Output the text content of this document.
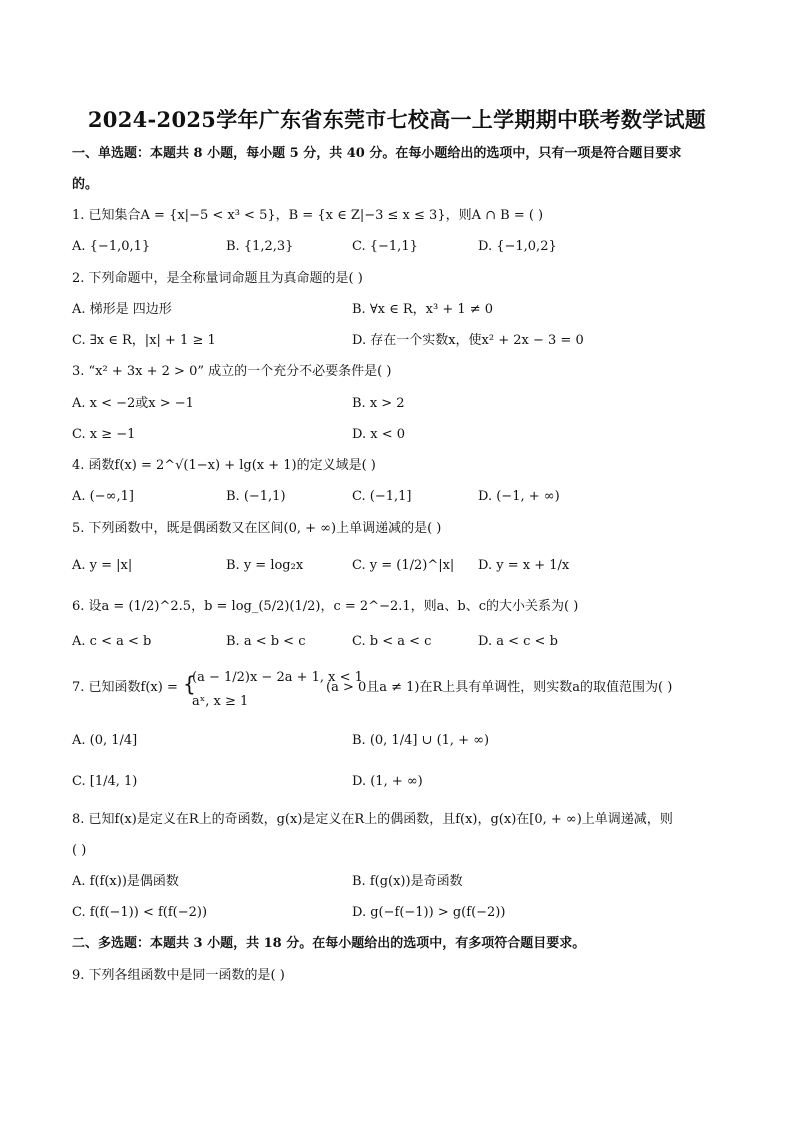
2024-2025学年广东省东莞市七校高一上学期期中联考数学试题
一、单选题：本题共 8 小题，每小题 5 分，共 40 分。在每小题给出的选项中，只有一项是符合题目要求
的。
1. 已知集合A = {x|−5 < x³ < 5}，B = {x ∈ Z|−3 ≤ x ≤ 3}，则A ∩ B = ( )
A. {−1,0,1}	B. {1,2,3}	C. {−1,1}	D. {−1,0,2}
2. 下列命题中，是全称量词命题且为真命题的是( )
A. 梯形是 四边形	B. ∀x ∈ R，x³ + 1 ≠ 0
C. ∃x ∈ R，|x| + 1 ≥ 1	D. 存在一个实数x，使x² + 2x − 3 = 0
3. “x² + 3x + 2 > 0” 成立的一个充分不必要条件是( )
A. x < −2或x > −1	B. x > 2
C. x ≥ −1	D. x < 0
4. 函数f(x) = 2^√(1−x) + lg(x + 1)的定义域是( )
A. (−∞,1]	B. (−1,1)	C. (−1,1]	D. (−1, + ∞)
5. 下列函数中，既是偶函数又在区间(0, + ∞)上单调递减的是( )
A. y = |x|	B. y = log₂x	C. y = (1/2)^|x| D. y = x + 1/x
6. 设a = (1/2)^2.5，b = log_(5/2)(1/2)，c = 2^−2.1，则a、b、c的大小关系为( )
A. c < a < b	B. a < b < c	C. b < a < c	D. a < c < b
7. 已知函数f(x) = {
(a − 1/2)x − 2a + 1, x < 1
aˣ, x ≥ 1
(a > 0且a ≠ 1)在R上具有单调性，则实数a的取值范围为( )
A. (0, 1/4]	B. (0, 1/4] ∪ (1, + ∞)
C. [1/4, 1)	D. (1, + ∞)
8. 已知f(x)是定义在R上的奇函数，g(x)是定义在R上的偶函数，且f(x)，g(x)在[0, + ∞)上单调递减，则
( )
A. f(f(x))是偶函数	B. f(g(x))是奇函数
C. f(f(−1)) < f(f(−2))	D. g(−f(−1)) > g(f(−2))
二、多选题：本题共 3 小题，共 18 分。在每小题给出的选项中，有多项符合题目要求。
9. 下列各组函数中是同一函数的是( )
